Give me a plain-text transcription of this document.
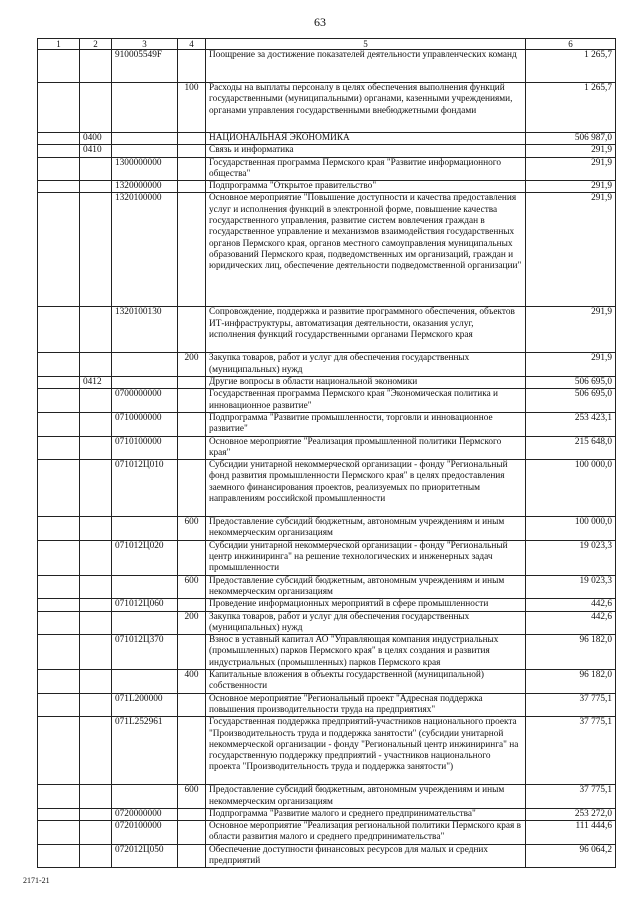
63
1	2	3	4	5	6
		910005549F		Поощрение за достижение показателей деятельности управленческих команд	1 265,7
			100	Расходы на выплаты персоналу в целях обеспечения выполнения функций государственными (муниципальными) органами, казенными учреждениями, органами управления государственными внебюджетными фондами	1 265,7
	0400			НАЦИОНАЛЬНАЯ ЭКОНОМИКА	506 987,0
	0410			Связь и информатика	291,9
		1300000000		Государственная программа Пермского края "Развитие информационного общества"	291,9
		1320000000		Подпрограмма "Открытое правительство"	291,9
		1320100000		Основное мероприятие "Повышение доступности и качества предоставления услуг и исполнения функций в электронной форме, повышение качества государственного управления, развитие систем вовлечения граждан в государственное управление и механизмов взаимодействия государственных органов Пермского края, органов местного самоуправления муниципальных образований Пермского края, подведомственных им организаций, граждан и юридических лиц, обеспечение деятельности подведомственной организации"	291,9
		1320100130		Сопровождение, поддержка и развитие программного обеспечения, объектов ИТ-инфраструктуры, автоматизация деятельности, оказания услуг, исполнения функций государственными органами Пермского края	291,9
			200	Закупка товаров, работ и услуг для обеспечения государственных (муниципальных) нужд	291,9
	0412			Другие вопросы в области национальной экономики	506 695,0
		0700000000		Государственная программа Пермского края "Экономическая политика и инновационное развитие"	506 695,0
		0710000000		Подпрограмма "Развитие промышленности, торговли и инновационное развитие"	253 423,1
		0710100000		Основное мероприятие "Реализация промышленной политики Пермского края"	215 648,0
		071012Ц010		Субсидии унитарной некоммерческой организации - фонду "Региональный фонд развития промышленности Пермского края" в целях предоставления заемного финансирования проектов, реализуемых по приоритетным направлениям российской промышленности	100 000,0
			600	Предоставление субсидий бюджетным, автономным учреждениям и иным некоммерческим организациям	100 000,0
		071012Ц020		Субсидии унитарной некоммерческой организации - фонду "Региональный центр инжиниринга" на решение технологических и инженерных задач промышленности	19 023,3
			600	Предоставление субсидий бюджетным, автономным учреждениям и иным некоммерческим организациям	19 023,3
		071012Ц060		Проведение информационных мероприятий в сфере промышленности	442,6
			200	Закупка товаров, работ и услуг для обеспечения государственных (муниципальных) нужд	442,6
		071012Ц370		Взнос в уставный капитал АО "Управляющая компания индустриальных (промышленных) парков Пермского края" в целях создания и развития индустриальных (промышленных) парков Пермского края	96 182,0
			400	Капитальные вложения в объекты государственной (муниципальной) собственности	96 182,0
		071L200000		Основное мероприятие "Региональный проект "Адресная поддержка повышения производительности труда на предприятиях"	37 775,1
		071L252961		Государственная поддержка предприятий-участников национального проекта "Производительность труда и поддержка занятости" (субсидии унитарной некоммерческой организации - фонду "Региональный центр инжиниринга" на государственную поддержку предприятий - участников национального проекта "Производительность труда и поддержка занятости")	37 775,1
			600	Предоставление субсидий бюджетным, автономным учреждениям и иным некоммерческим организациям	37 775,1
		0720000000		Подпрограмма "Развитие малого и среднего предпринимательства"	253 272,0
		0720100000		Основное мероприятие "Реализация региональной политики Пермского края в области развития малого и среднего предпринимательства"	111 444,6
		072012Ц050		Обеспечение доступности финансовых ресурсов для малых и средних предприятий	96 064,2
2171-21
